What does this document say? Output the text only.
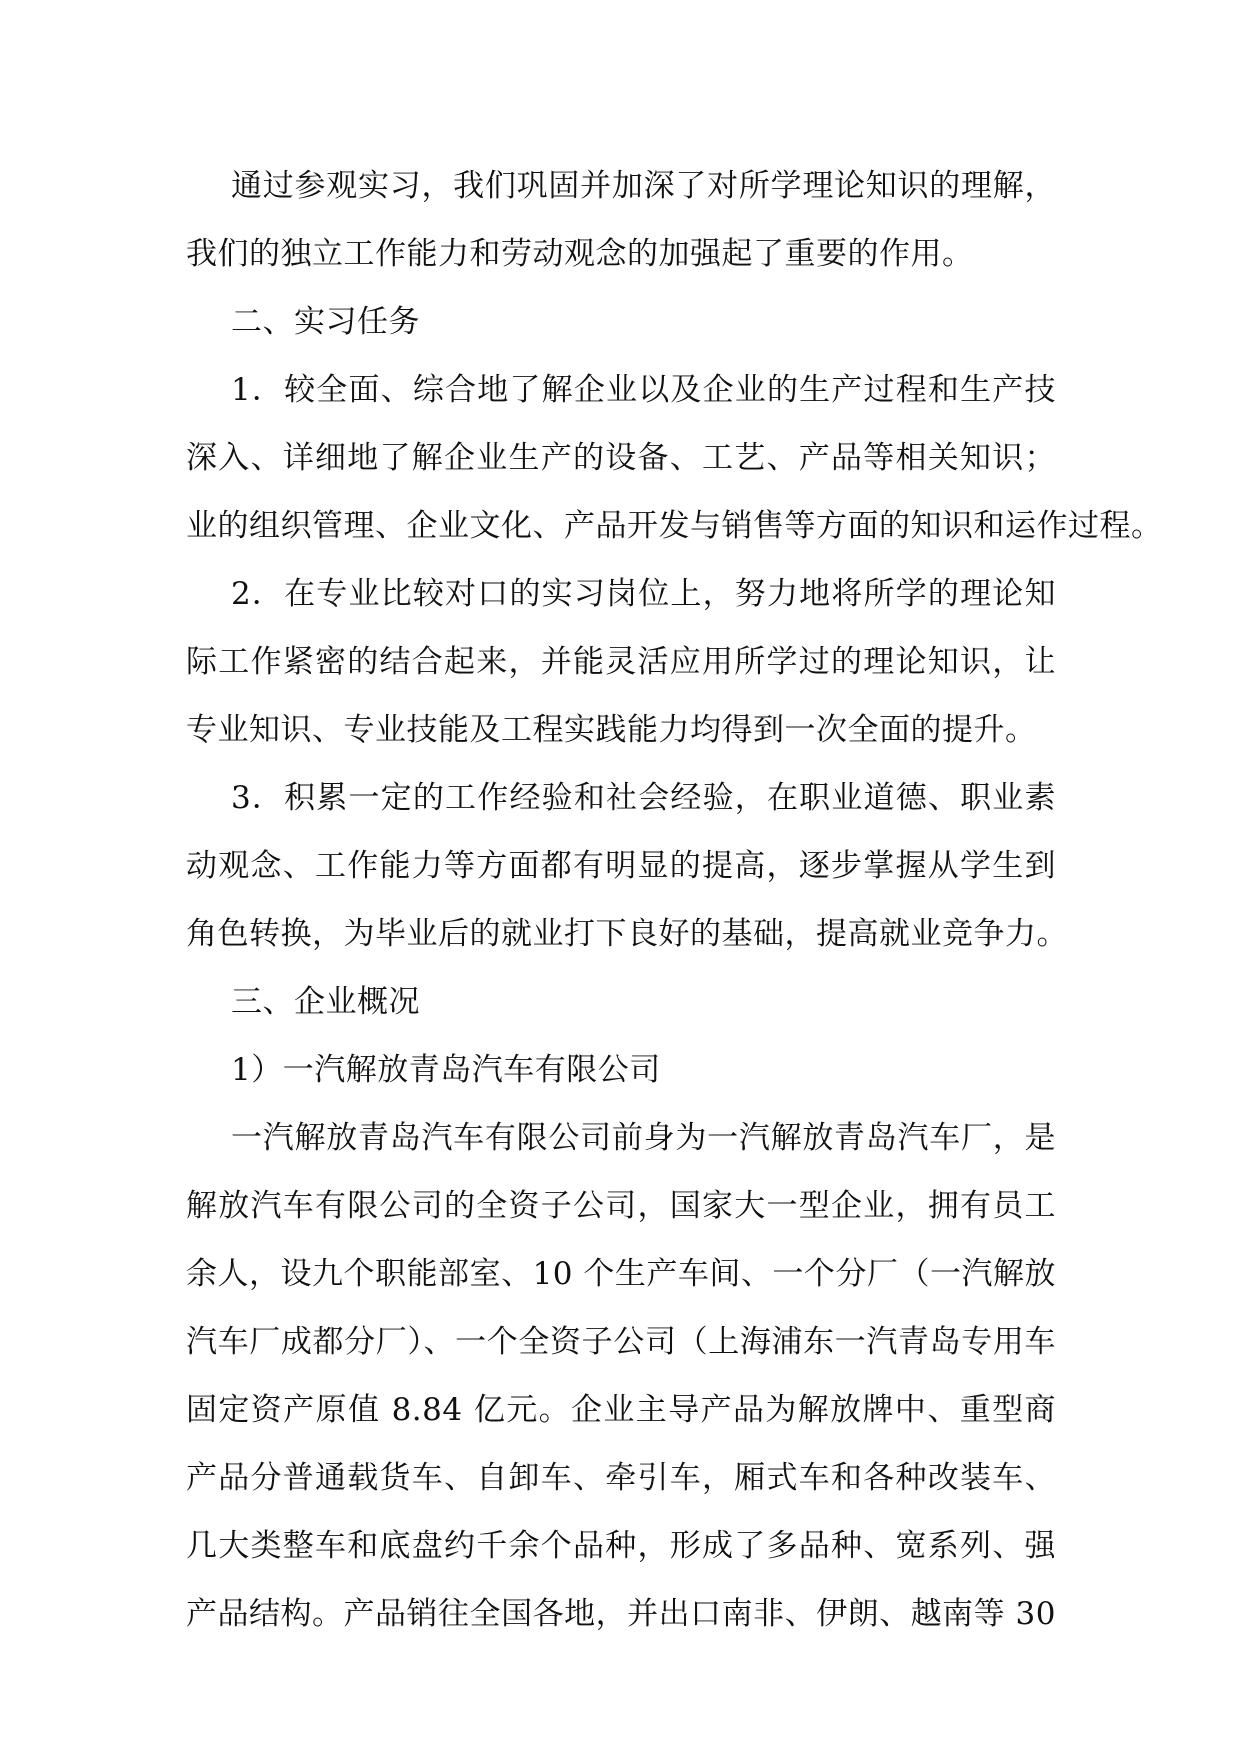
通过参观实习，我们巩固并加深了对所学理论知识的理解，
我们的独立工作能力和劳动观念的加强起了重要的作用。
二、实习任务
1．较全面、综合地了解企业以及企业的生产过程和生产技
深入、详细地了解企业生产的设备、工艺、产品等相关知识；
业的组织管理、企业文化、产品开发与销售等方面的知识和运作过程。
2．在专业比较对口的实习岗位上，努力地将所学的理论知
际工作紧密的结合起来，并能灵活应用所学过的理论知识，让
专业知识、专业技能及工程实践能力均得到一次全面的提升。
3．积累一定的工作经验和社会经验，在职业道德、职业素
动观念、工作能力等方面都有明显的提高，逐步掌握从学生到
角色转换，为毕业后的就业打下良好的基础，提高就业竞争力。
三、企业概况
1）一汽解放青岛汽车有限公司
一汽解放青岛汽车有限公司前身为一汽解放青岛汽车厂，是
解放汽车有限公司的全资子公司，国家大一型企业，拥有员工
余人，设九个职能部室、10 个生产车间、一个分厂（一汽解放
汽车厂成都分厂）、一个全资子公司（上海浦东一汽青岛专用车
固定资产原值 8.84 亿元。企业主导产品为解放牌中、重型商
产品分普通载货车、自卸车、牵引车，厢式车和各种改装车、
几大类整车和底盘约千余个品种，形成了多品种、宽系列、强
产品结构。产品销往全国各地，并出口南非、伊朗、越南等 30
